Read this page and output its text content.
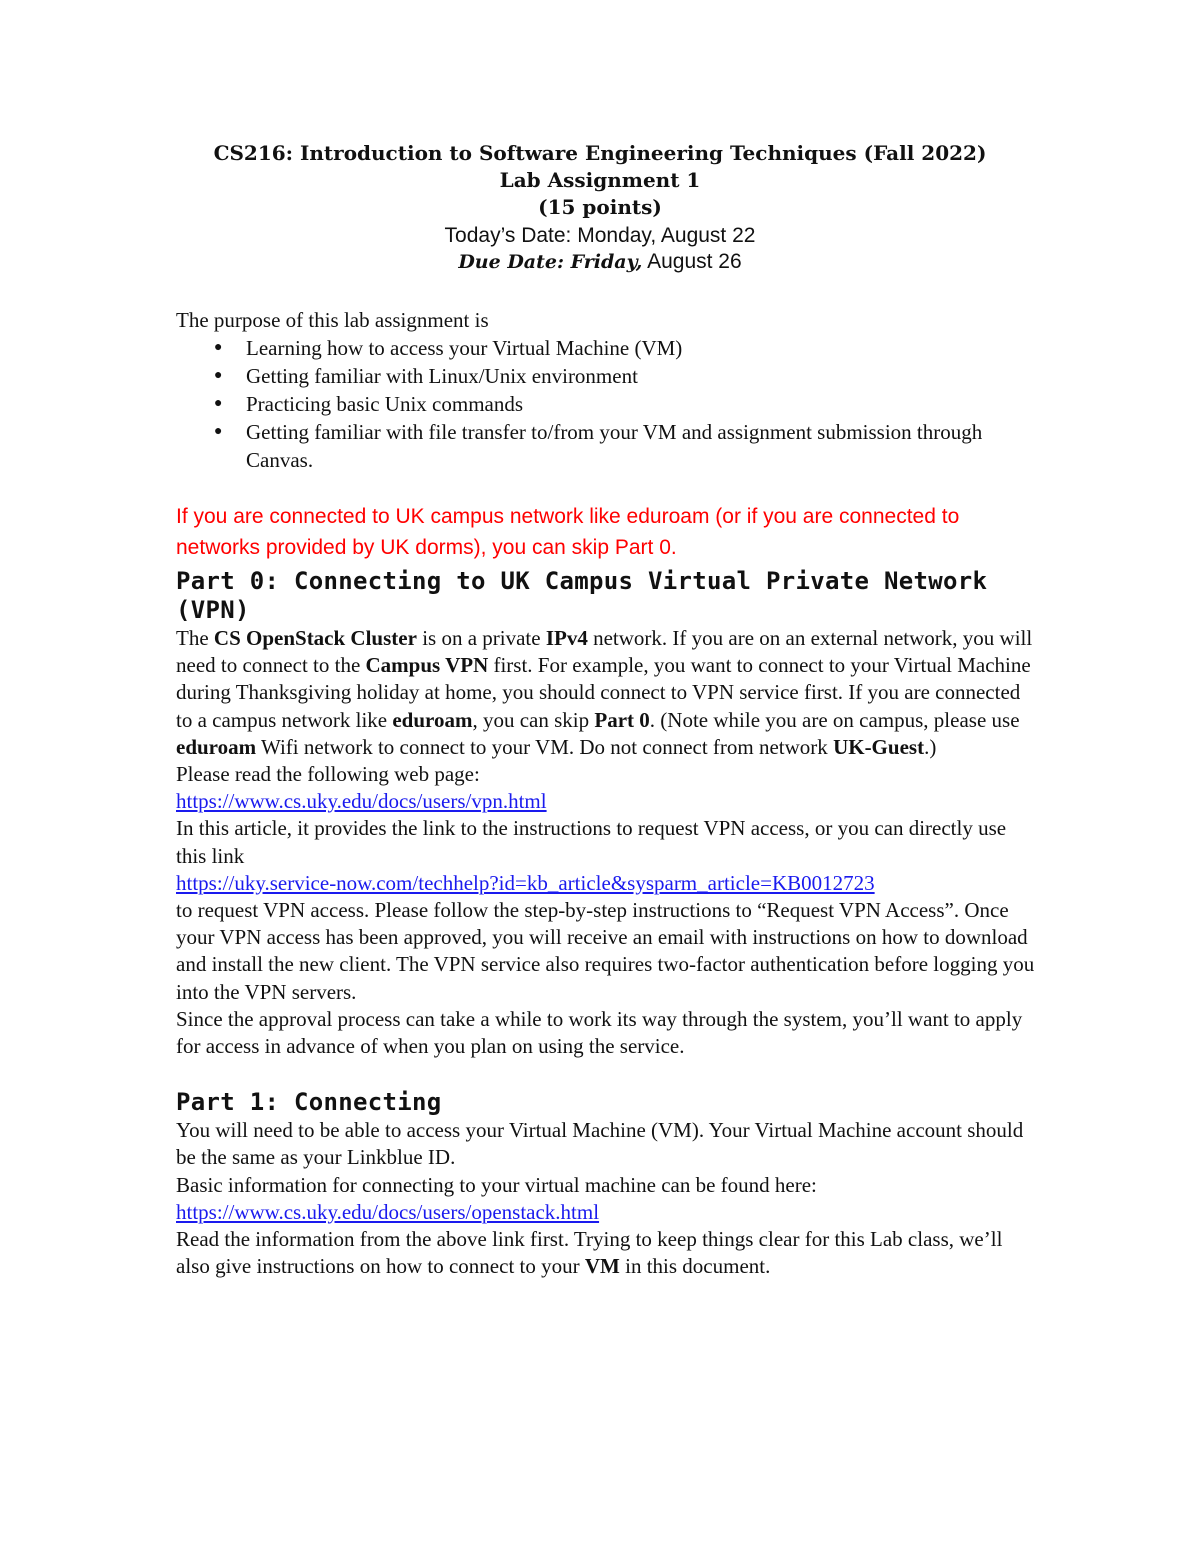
CS216: Introduction to Software Engineering Techniques (Fall 2022)
Lab Assignment 1
(15 points)
Today’s Date: Monday, August 22
Due Date: Friday, August 26

The purpose of this lab assignment is

● Learning how to access your Virtual Machine (VM)
● Getting familiar with Linux/Unix environment
● Practicing basic Unix commands
● Getting familiar with file transfer to/from your VM and assignment submission through Canvas.

If you are connected to UK campus network like eduroam (or if you are connected to networks provided by UK dorms), you can skip Part 0.

Part 0: Connecting to UK Campus Virtual Private Network (VPN)

The CS OpenStack Cluster is on a private IPv4 network. If you are on an external network, you will need to connect to the Campus VPN first. For example, you want to connect to your Virtual Machine during Thanksgiving holiday at home, you should connect to VPN service first. If you are connected to a campus network like eduroam, you can skip Part 0. (Note while you are on campus, please use eduroam Wifi network to connect to your VM. Do not connect from network UK-Guest.)

Please read the following web page:

https://www.cs.uky.edu/docs/users/vpn.html

In this article, it provides the link to the instructions to request VPN access, or you can directly use this link

https://uky.service-now.com/techhelp?id=kb_article&sysparm_article=KB0012723

to request VPN access. Please follow the step-by-step instructions to “Request VPN Access”. Once your VPN access has been approved, you will receive an email with instructions on how to download and install the new client. The VPN service also requires two-factor authentication before logging you into the VPN servers.

Since the approval process can take a while to work its way through the system, you’ll want to apply for access in advance of when you plan on using the service.

Part 1: Connecting

You will need to be able to access your Virtual Machine (VM). Your Virtual Machine account should be the same as your Linkblue ID.

Basic information for connecting to your virtual machine can be found here:

https://www.cs.uky.edu/docs/users/openstack.html

Read the information from the above link first. Trying to keep things clear for this Lab class, we’ll also give instructions on how to connect to your VM in this document.
